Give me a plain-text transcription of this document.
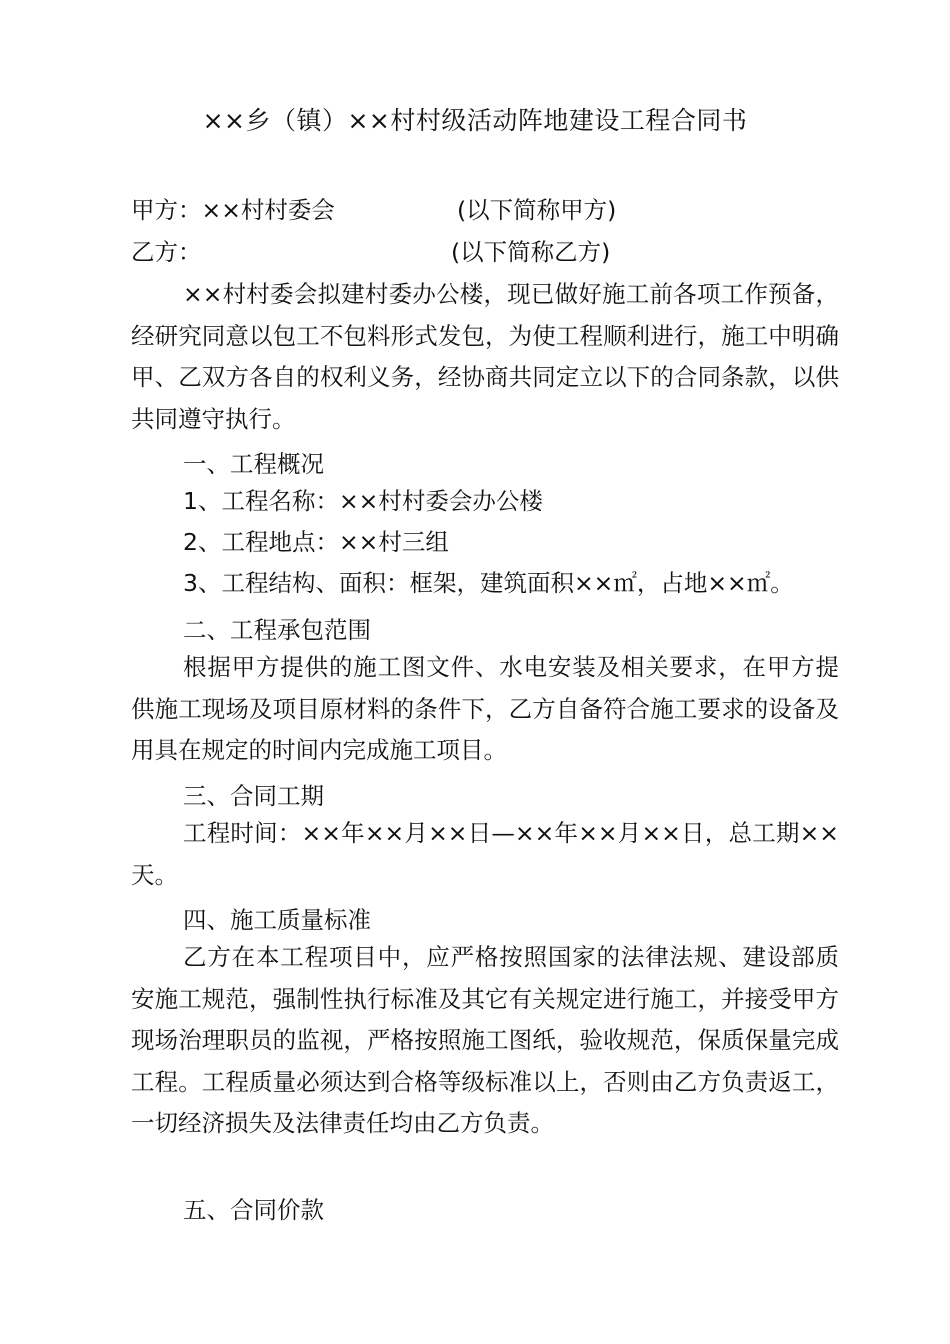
××乡（镇）××村村级活动阵地建设工程合同书
甲方：××村村委会	(以下简称甲方)
乙方：	(以下简称乙方)
××村村委会拟建村委办公楼，现已做好施工前各项工作预备，经研究同意以包工不包料形式发包，为使工程顺利进行，施工中明确甲、乙双方各自的权利义务，经协商共同定立以下的合同条款，以供共同遵守执行。
一、工程概况
1、工程名称：××村村委会办公楼
2、工程地点：××村三组
3、工程结构、面积：框架，建筑面积××㎡，占地××㎡。
二、工程承包范围
根据甲方提供的施工图文件、水电安装及相关要求，在甲方提供施工现场及项目原材料的条件下，乙方自备符合施工要求的设备及用具在规定的时间内完成施工项目。
三、合同工期
工程时间：××年××月××日—××年××月××日，总工期××天。
四、施工质量标准
乙方在本工程项目中，应严格按照国家的法律法规、建设部质安施工规范，强制性执行标准及其它有关规定进行施工，并接受甲方现场治理职员的监视，严格按照施工图纸，验收规范，保质保量完成工程。工程质量必须达到合格等级标准以上，否则由乙方负责返工，一切经济损失及法律责任均由乙方负责。
五、合同价款
